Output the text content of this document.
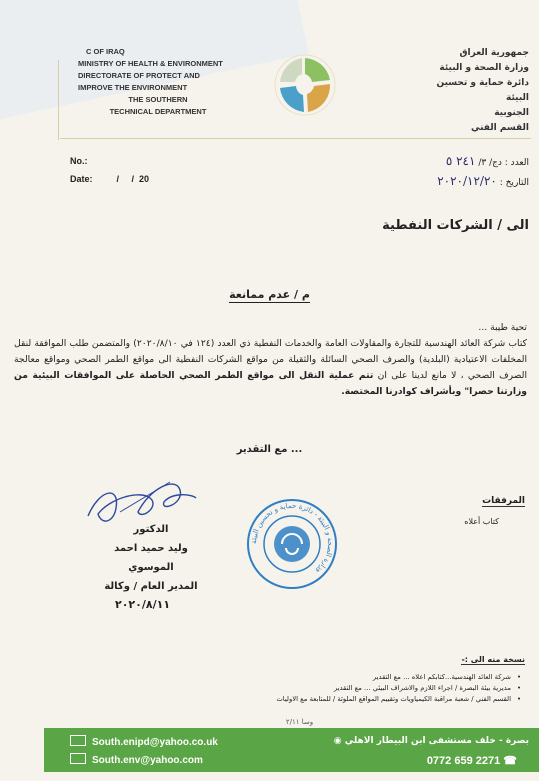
C OF IRAQ
MINISTRY OF HEALTH & ENVIRONMENT
DIRECTORATE OF PROTECT AND
IMPROVE THE ENVIRONMENT
THE SOUTHERN
TECHNICAL DEPARTMENT
جمهورية العراق
وزارة الصحة و البيئة
دائرة حماية و تحسين البيئة
الجنوبية
القسم الفني
No.:
Date:	/     /  20
العدد : دج/ ٣/ ٢٤١ ٥
التاريخ : ٢٠٢٠/١٢/٢٠
الى / الشركات النفطية
م / عدم ممانعة

تحية طيبة ...

كتاب شركة العائد الهندسية للتجارة والمقاولات العامة والخدمات النفطية ذي العدد (١٢٤ في ٢٠٢٠/٨/١٠) والمتضمن طلب الموافقة لنقل المخلفات الاعتيادية (البلدية) والصرف الصحي السائلة والثقيلة من مواقع الشركات النفطية الى مواقع الطمر الصحي ومواقع معالجة الصرف الصحي ، لا مانع لدينا على ان تتم عملية النقل الى مواقع الطمر الصحي الحاصلة على الموافقات البيئية من وزارتنا حصرا" وبأشراف كوادرنا المختصة.

... مع التقدير
المرفقات
كتاب أعلاه
الدكتور
وليد حميد احمد الموسوي
المدير العام / وكالة
٢٠٢٠/٨/١١
وزارة الصحة و البيئة - دائرة حماية و تحسين البيئة
نسخة منه الى :-
• شركة العائد الهندسية...كتابكم اعلاه ... مع التقدير
• مديرية بيئة البصرة / اجراء اللازم والاشراف البيئي ... مع التقدير
• القسم الفني / شعبة مراقبة الكيمياويات وتقييم المواقع الملوثة / للمتابعة مع الاوليات
وسا ٢/١١
South.enipd@yahoo.co.uk
South.env@yahoo.com
بصرة - خلف مستشفى ابن البيطار الاهلي ◉
0772 659 2271 ☎
